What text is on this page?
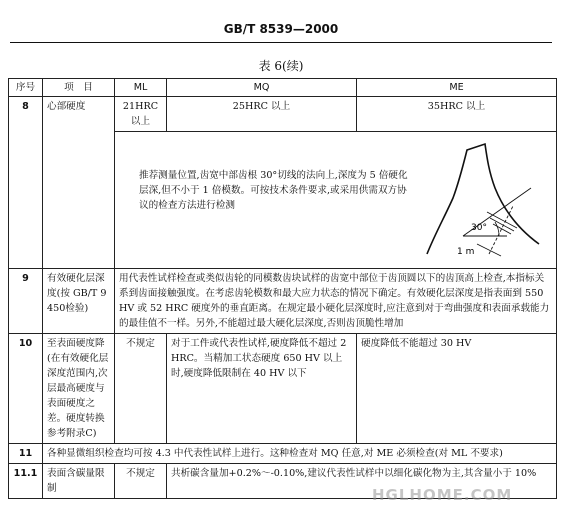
GB/T 8539—2000
表 6(续)
序号	项　目	ML	MQ	ME
8	心部硬度	21HRC 以上	25HRC 以上	35HRC 以上

		推荐测量位置,齿宽中部齿根 30°切线的法向上,深度为 5 倍硬化层深,但不小于 1 倍模数。可按技术条件要求,或采用供需双方协议的检查方法进行检测
30°
1 m		

9	有效硬化层深度(按 GB/T 9450检验)	用代表性试样检查或类似齿轮的同模数齿块试样的齿宽中部位于齿顶圆以下的齿顶高上检查,本指标关系到齿面接触强度。在考虑齿轮模数和最大应力状态的情况下确定。有效硬化层深度是指表面到 550 HV 或 52 HRC 硬度外的垂直距离。在规定最小硬化层深度时,应注意到对于弯曲强度和表面承载能力的最佳值不一样。另外,不能超过最大硬化层深度,否则齿顶脆性增加		
10	至表面硬度降(在有效硬化层深度范围内,次层最高硬度与表面硬度之差。硬度转换参考附录C)	不规定	对于工件或代表性试样,硬度降低不超过 2HRC。当精加工状态硬度 650 HV 以上时,硬度降低限制在 40 HV 以下	硬度降低不能超过 30 HV
11	各种显微组织检查均可按 4.3 中代表性试样上进行。这种检查对 MQ 任意,对 ME 必须检查(对 ML 不要求)			
11.1	表面含碳量限制	不规定	共析碳含量加+0.2%～-0.10%,建议代表性试样中以细化碳化物为主,其含量小于 10%	
HGLHOME.COM
